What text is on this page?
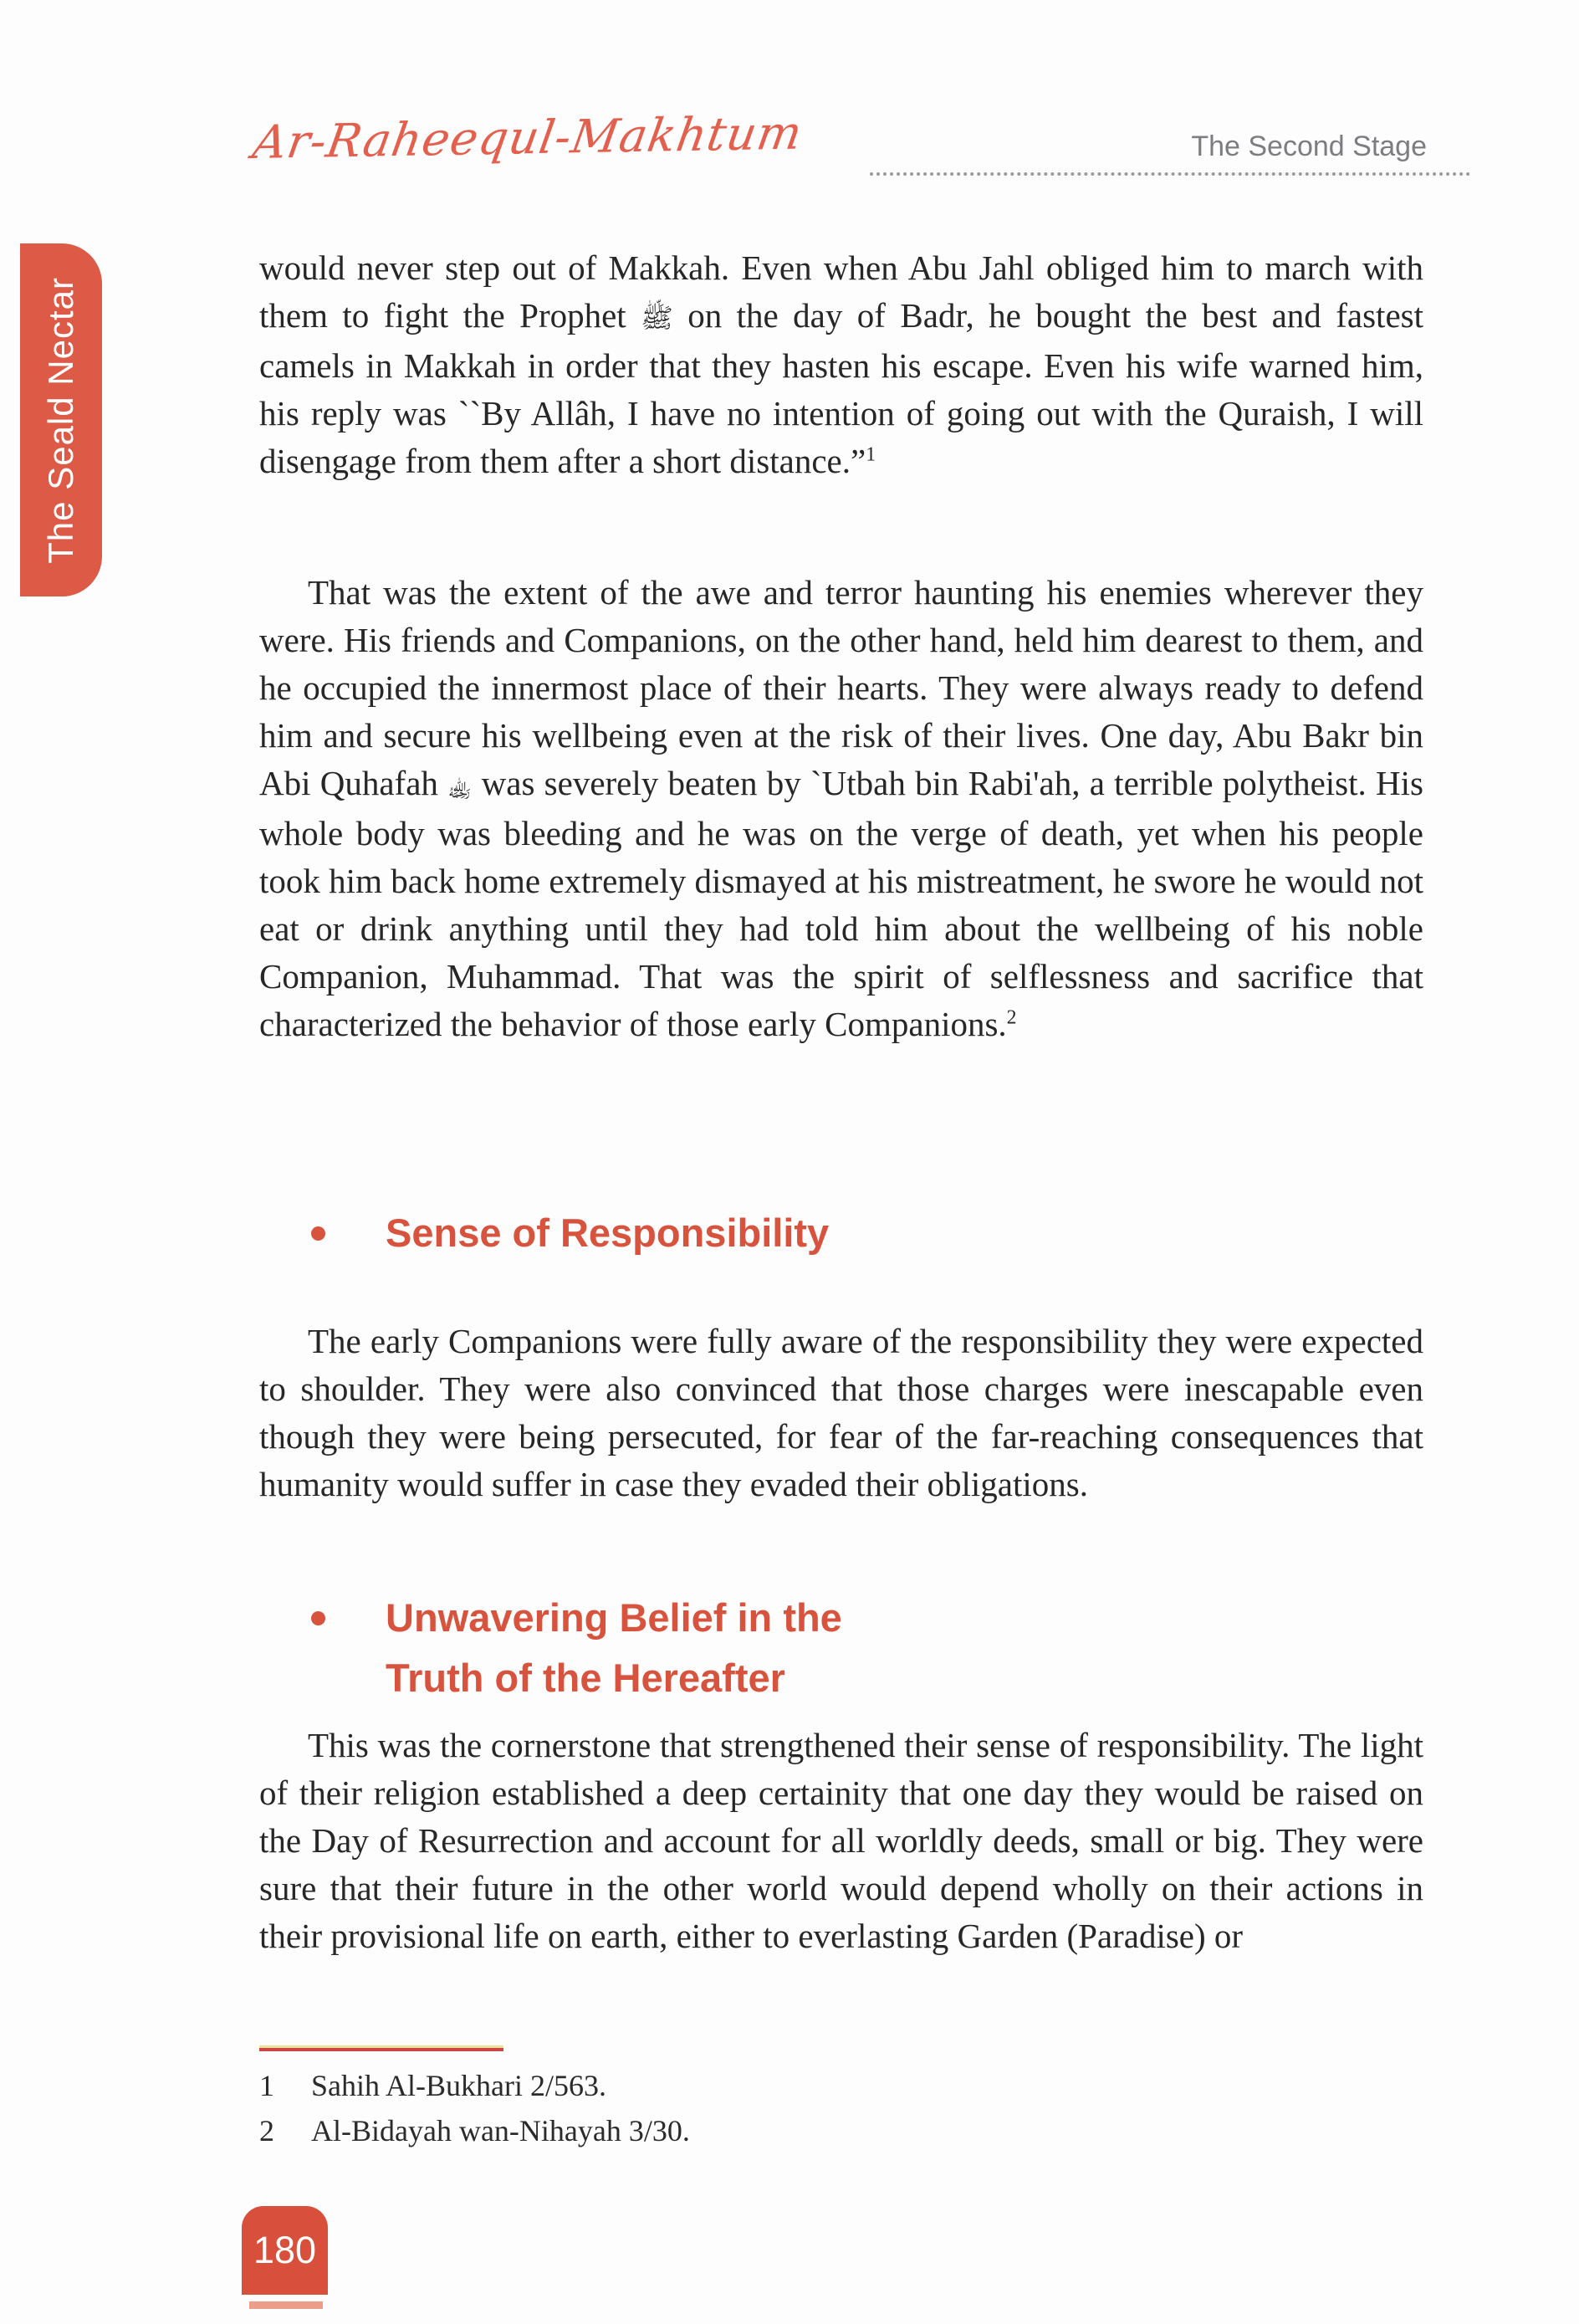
Ar-Raheequl-Makhtum	The Second Stage
The Seald Nectar

would never step out of Makkah. Even when Abu Jahl obliged him to march with them to fight the Prophet ﷺ on the day of Badr, he bought the best and fastest camels in Makkah in order that they hasten his escape. Even his wife warned him, his reply was ``By Allâh, I have no intention of going out with the Quraish, I will disengage from them after a short distance.”$^1$

That was the extent of the awe and terror haunting his enemies wherever they were. His friends and Companions, on the other hand, held him dearest to them, and he occupied the innermost place of their hearts. They were always ready to defend him and secure his wellbeing even at the risk of their lives. One day, Abu Bakr bin Abi Quhafah ﵀ was severely beaten by `Utbah bin Rabi'ah, a terrible polytheist. His whole body was bleeding and he was on the verge of death, yet when his people took him back home extremely dismayed at his mistreatment, he swore he would not eat or drink anything until they had told him about the wellbeing of his noble Companion, Muhammad. That was the spirit of selflessness and sacrifice that characterized the behavior of those early Companions.$^2$

Sense of Responsibility

The early Companions were fully aware of the responsibility they were expected to shoulder. They were also convinced that those charges were inescapable even though they were being persecuted, for fear of the far-reaching consequences that humanity would suffer in case they evaded their obligations.

Unwavering Belief in the
Truth of the Hereafter

This was the cornerstone that strengthened their sense of responsibility. The light of their religion established a deep certainity that one day they would be raised on the Day of Resurrection and account for all worldly deeds, small or big. They were sure that their future in the other world would depend wholly on their actions in their provisional life on earth, either to everlasting Garden (Paradise) or

1 Sahih Al-Bukhari 2/563.
2 Al-Bidayah wan-Nihayah 3/30.
180
